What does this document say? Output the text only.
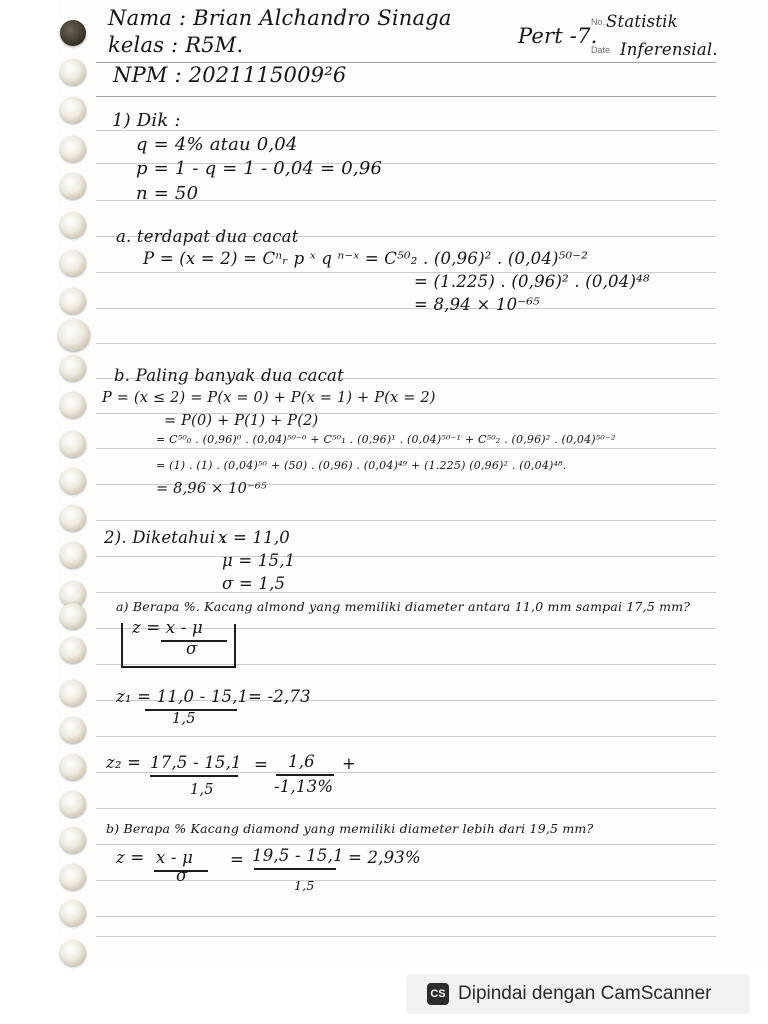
Nama : Brian Alchandro Sinaga
kelas : R5M.
NPM : 2021115009²6
Pert -7.
No.
Date
Statistik
Inferensial.
1) Dik :
q = 4% atau 0,04
p = 1 - q = 1 - 0,04 = 0,96
n = 50
a. terdapat dua cacat
P = (x = 2) = Cⁿᵣ p ˣ q ⁿ⁻ˣ = C⁵⁰₂ . (0,96)² . (0,04)⁵⁰⁻²
= (1.225) . (0,96)² . (0,04)⁴⁸
= 8,94 × 10⁻⁶⁵
b. Paling banyak dua cacat
P = (x ≤ 2) = P(x = 0) + P(x = 1) + P(x = 2)
= P(0) + P(1) + P(2)
= C⁵⁰₀ . (0,96)⁰ . (0,04)⁵⁰⁻⁰ + C⁵⁰₁ . (0,96)¹ . (0,04)⁵⁰⁻¹ + C⁵⁰₂ . (0,96)² . (0,04)⁵⁰⁻²
= (1) . (1) . (0,04)⁵⁰ + (50) . (0,96) . (0,04)⁴⁹ + (1.225) (0,96)² . (0,04)⁴⁸.
= 8,96 × 10⁻⁶⁵
2). Diketahui :
x = 11,0
μ = 15,1
σ = 1,5
a) Berapa %. Kacang almond yang memiliki diameter antara 11,0 mm sampai 17,5 mm?
z = x - μ
σ
z₁ = 11,0 - 15,1
1,5
= -2,73
z₂ = 17,5 - 15,1
1,5
= 1,6
-1,13%
+
b) Berapa % Kacang diamond yang memiliki diameter lebih dari 19,5 mm?
z = x - μ
σ
= 19,5 - 15,1
1,5
= 2,93%
CS Dipindai dengan CamScanner
